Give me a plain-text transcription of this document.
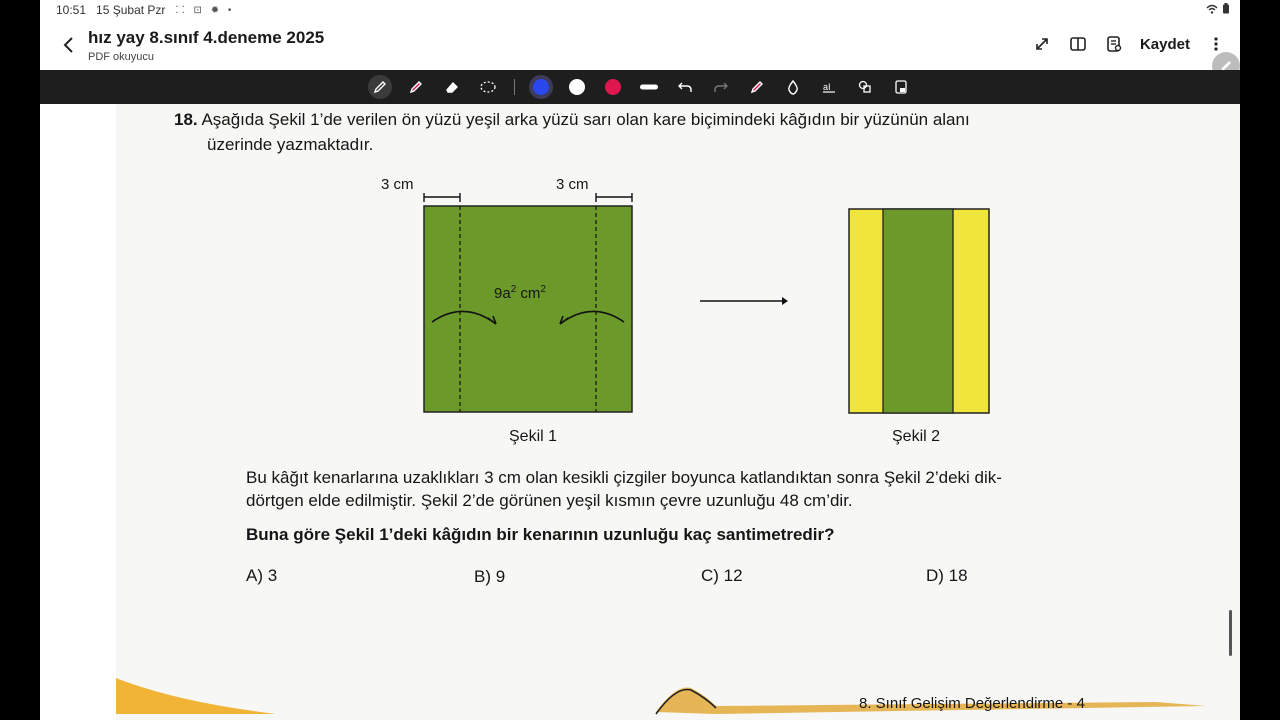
10:51 15 Şubat Pzr ⁚⁚ ⊡ ✹ •
hız yay 8.sınıf 4.deneme 2025
PDF okuyucu
Kaydet
aI
18. Aşağıda Şekil 1’de verilen ön yüzü yeşil arka yüzü sarı olan kare biçimindeki kâğıdın bir yüzünün alanı
üzerinde yazmaktadır.
3 cm	3 cm
$9a^2$ $cm^2$
Şekil 1	Şekil 2
Bu kâğıt kenarlarına uzaklıkları 3 cm olan kesikli çizgiler boyunca katlandıktan sonra Şekil 2’deki dik-
dörtgen elde edilmiştir. Şekil 2’de görünen yeşil kısmın çevre uzunluğu 48 cm’dir.
Buna göre Şekil 1’deki kâğıdın bir kenarının uzunluğu kaç santimetredir?
A) 3	B) 9	C) 12	D) 18
8. Sınıf Gelişim Değerlendirme - 4
